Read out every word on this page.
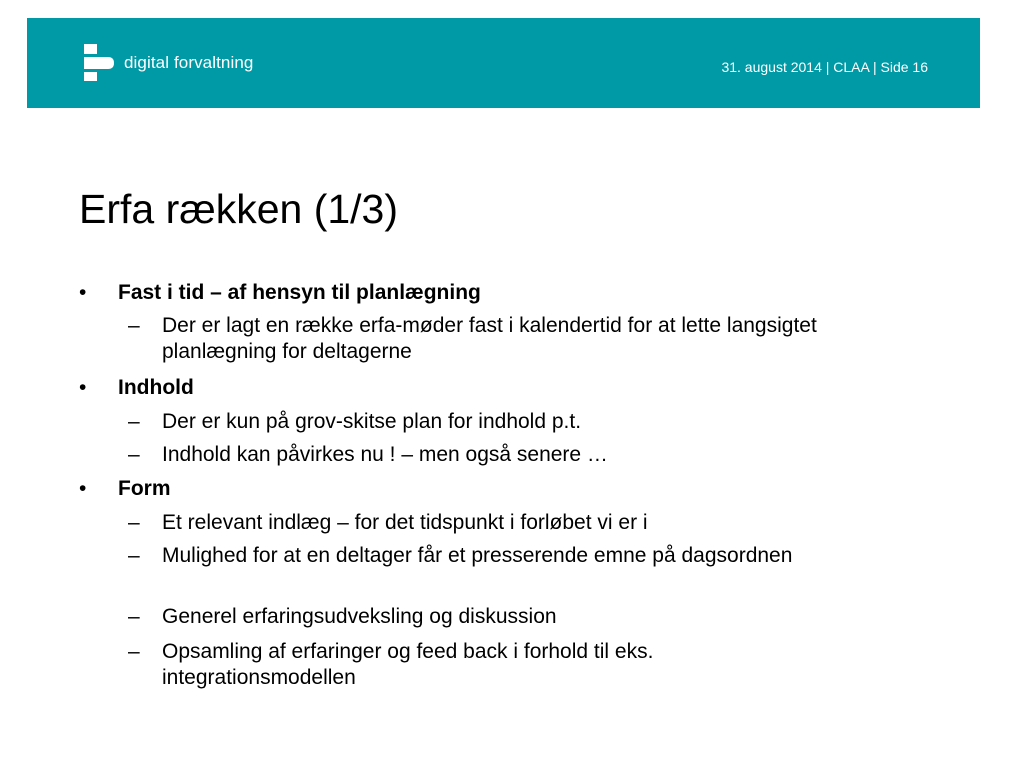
digital forvaltning	31. august 2014 | CLAA | Side 16
Erfa rækken (1/3)
• Fast i tid – af hensyn til planlægning
– Der er lagt en række erfa-møder fast i kalendertid for at lette langsigtet planlægning for deltagerne
• Indhold
– Der er kun på grov-skitse plan for indhold p.t.
– Indhold kan påvirkes nu ! – men også senere …
• Form
– Et relevant indlæg – for det tidspunkt i forløbet vi er i
– Mulighed for at en deltager får et presserende emne på dagsordnen
– Generel erfaringsudveksling og diskussion
– Opsamling af erfaringer og feed back i forhold til eks. integrationsmodellen
